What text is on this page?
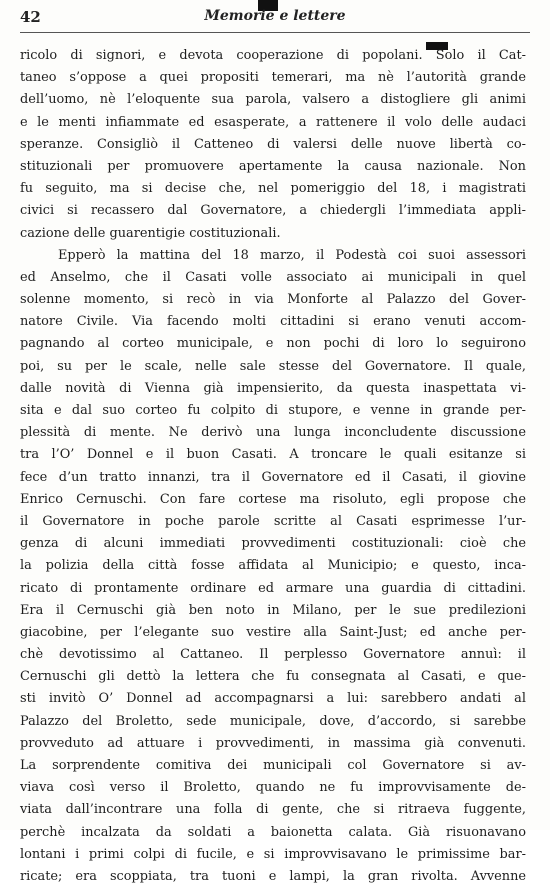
42	Memorie e lettere
ricolo di signori, e devota cooperazione di popolani. Solo il Cat-
taneo s’oppose a quei propositi temerari, ma nè l’autorità grande
dell’uomo, nè l’eloquente sua parola, valsero a distogliere gli animi
e le menti infiammate ed esasperate, a rattenere il volo delle audaci
speranze. Consigliò il Catteneo di valersi delle nuove libertà co-
stituzionali per promuovere apertamente la causa nazionale. Non
fu seguito, ma si decise che, nel pomeriggio del 18, i magistrati
civici si recassero dal Governatore, a chiedergli l’immediata appli-
cazione delle guarentigie costituzionali.
Epperò la mattina del 18 marzo, il Podestà coi suoi assessori
ed Anselmo, che il Casati volle associato ai municipali in quel
solenne momento, si recò in via Monforte al Palazzo del Gover-
natore Civile. Via facendo molti cittadini si erano venuti accom-
pagnando al corteo municipale, e non pochi di loro lo seguirono
poi, su per le scale, nelle sale stesse del Governatore. Il quale,
dalle novità di Vienna già impensierito, da questa inaspettata vi-
sita e dal suo corteo fu colpito di stupore, e venne in grande per-
plessità di mente. Ne derivò una lunga inconcludente discussione
tra l’O’ Donnel e il buon Casati. A troncare le quali esitanze si
fece d’un tratto innanzi, tra il Governatore ed il Casati, il giovine
Enrico Cernuschi. Con fare cortese ma risoluto, egli propose che
il Governatore in poche parole scritte al Casati esprimesse l’ur-
genza di alcuni immediati provvedimenti costituzionali: cioè che
la polizia della città fosse affidata al Municipio; e questo, inca-
ricato di prontamente ordinare ed armare una guardia di cittadini.
Era il Cernuschi già ben noto in Milano, per le sue predilezioni
giacobine, per l’elegante suo vestire alla Saint-Just; ed anche per-
chè devotissimo al Cattaneo. Il perplesso Governatore annuì: il
Cernuschi gli dettò la lettera che fu consegnata al Casati, e que-
sti invitò O’ Donnel ad accompagnarsi a lui: sarebbero andati al
Palazzo del Broletto, sede municipale, dove, d’accordo, si sarebbe
provveduto ad attuare i provvedimenti, in massima già convenuti.
La sorprendente comitiva dei municipali col Governatore si av-
viava così verso il Broletto, quando ne fu improvvisamente de-
viata dall’incontrare una folla di gente, che si ritraeva fuggente,
perchè incalzata da soldati a baionetta calata. Già risuonavano
lontani i primi colpi di fucile, e si improvvisavano le primissime bar-
ricate; era scoppiata, tra tuoni e lampi, la gran rivolta. Avvenne
